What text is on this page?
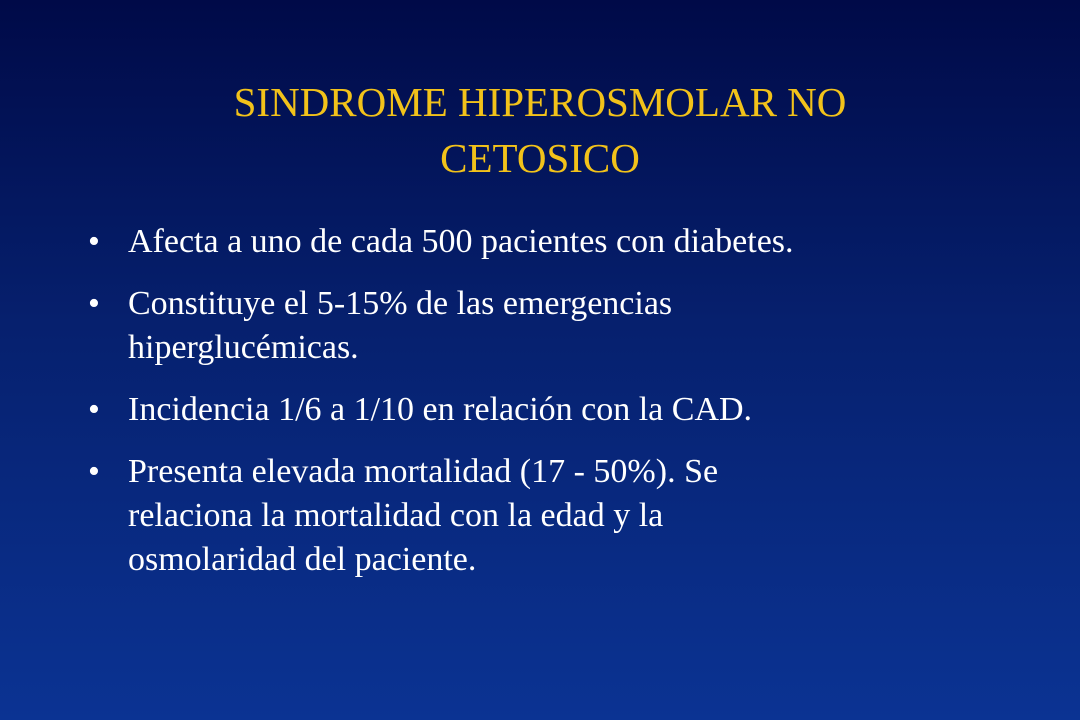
SINDROME HIPEROSMOLAR NO
CETOSICO
• Afecta a uno de cada 500 pacientes con diabetes.
• Constituye el 5-15% de las emergencias
hiperglucémicas.
• Incidencia 1/6 a 1/10 en relación con la CAD.
• Presenta elevada mortalidad (17 - 50%). Se
relaciona la mortalidad con la edad y la
osmolaridad del paciente.
